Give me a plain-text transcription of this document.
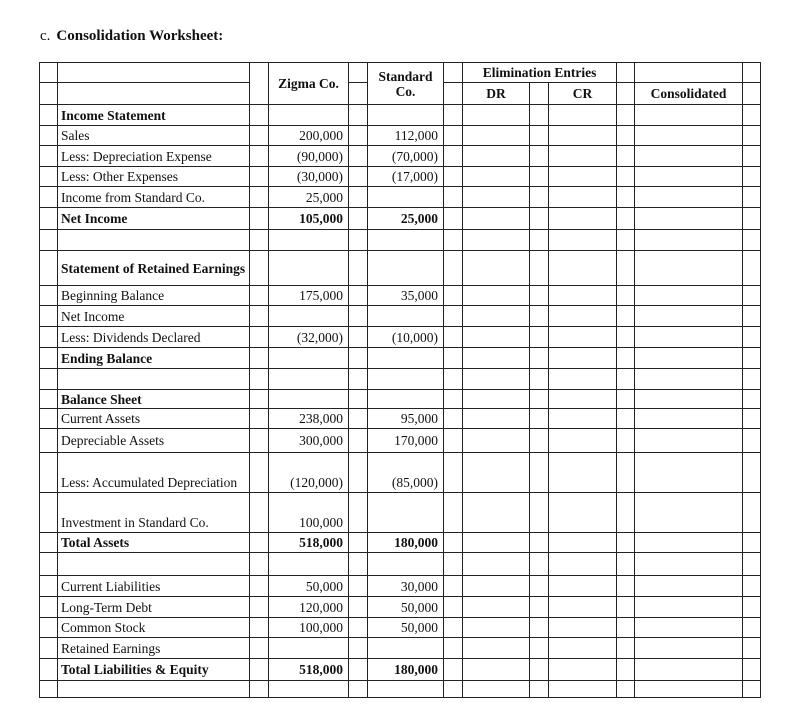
c. Consolidation Worksheet:
			Zigma Co.		Standard Co.		Elimination Entries					
							DR		CR		Consolidated	
	Income Statement											
	Sales		200,000		112,000							
	Less: Depreciation Expense		(90,000)		(70,000)							
	Less: Other Expenses		(30,000)		(17,000)							
	Income from Standard Co.		25,000									
	Net Income		105,000		25,000							

	Statement of Retained Earnings											
	Beginning Balance		175,000		35,000							
	Net Income											
	Less: Dividends Declared		(32,000)		(10,000)							
	Ending Balance											

	Balance Sheet											
	Current Assets		238,000		95,000							
	Depreciable Assets		300,000		170,000							
	Less: Accumulated Depreciation		(120,000)		(85,000)							
	Investment in Standard Co.		100,000									
	Total Assets		518,000		180,000							

	Current Liabilities		50,000		30,000							
	Long-Term Debt		120,000		50,000							
	Common Stock		100,000		50,000							
	Retained Earnings											
	Total Liabilities & Equity		518,000		180,000							
